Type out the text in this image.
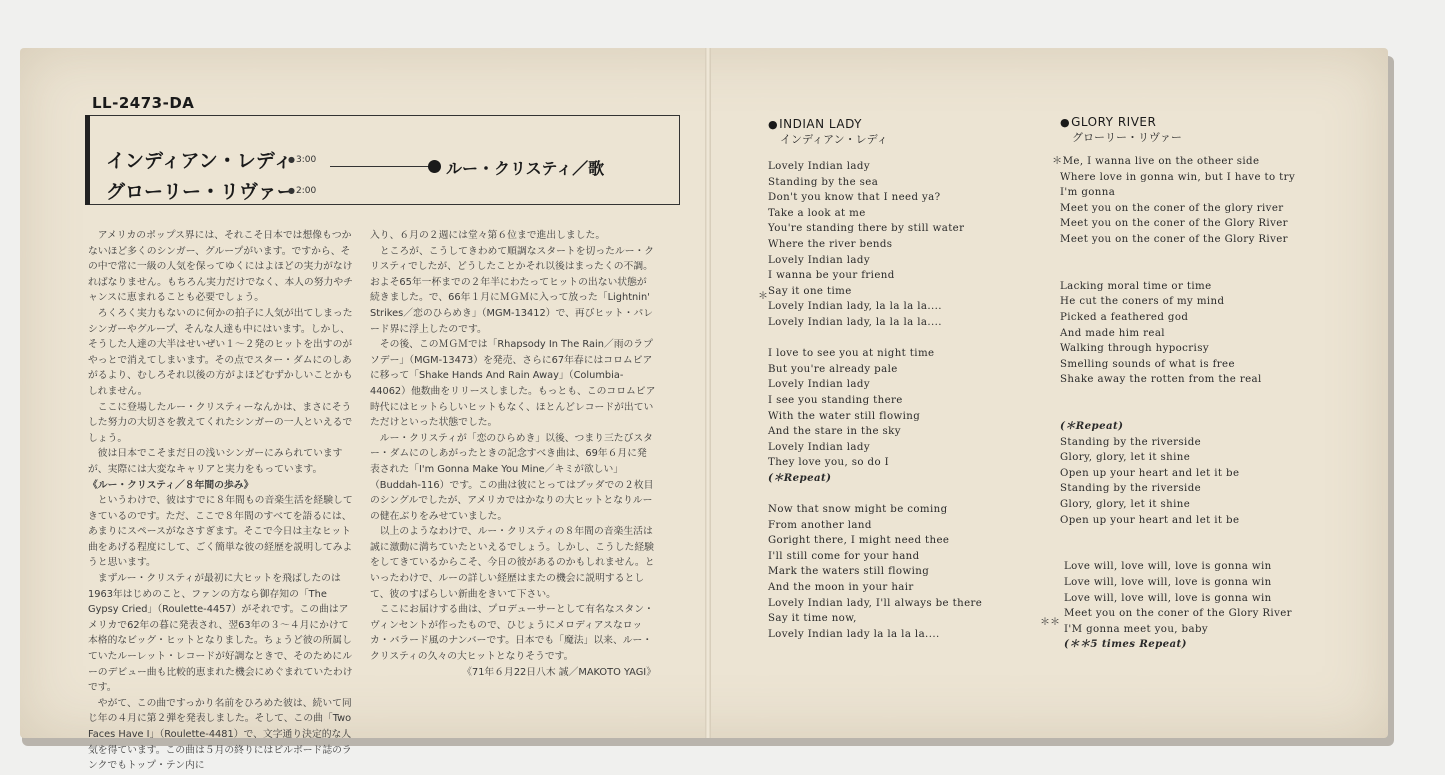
LL-2473-DA
インディアン・レディ ● 3:00
グローリー・リヴァー ● 2:00
ルー・クリスティ／歌

アメリカのポップス界には、それこそ日本では想像もつかないほど多くのシンガー、グループがいます。ですから、その中で常に一級の人気を保ってゆくにはよほどの実力がなければなりません。もちろん実力だけでなく、本人の努力やチャンスに恵まれることも必要でしょう。

ろくろく実力もないのに何かの拍子に人気が出てしまったシンガーやグループ、そんな人達も中にはいます。しかし、そうした人達の大半はせいぜい１～２発のヒットを出すのがやっとで消えてしまいます。その点でスター・ダムにのしあがるより、むしろそれ以後の方がよほどむずかしいことかもしれません。

ここに登場したルー・クリスティーなんかは、まさにそうした努力の大切さを教えてくれたシンガーの一人といえるでしょう。

彼は日本でこそまだ日の浅いシンガーにみられていますが、実際には大変なキャリアと実力をもっています。

《ルー・クリスティ／８年間の歩み》

というわけで、彼はすでに８年間もの音楽生活を経験してきているのです。ただ、ここで８年間のすべてを語るには、あまりにスペースがなさすぎます。そこで今日は主なヒット曲をあげる程度にして、ごく簡単な彼の経歴を説明してみようと思います。

まずルー・クリスティが最初に大ヒットを飛ばしたのは1963年はじめのこと、ファンの方なら御存知の「The Gypsy Cried」（Roulette-4457）がそれです。この曲はアメリカで62年の暮に発表され、翌63年の３～４月にかけて本格的なビッグ・ヒットとなりました。ちょうど彼の所属していたルーレット・レコードが好調なときで、そのためにルーのデビュー曲も比較的恵まれた機会にめぐまれていたわけです。

やがて、この曲ですっかり名前をひろめた彼は、続いて同じ年の４月に第２弾を発表しました。そして、この曲「Two Faces Have I」（Roulette-4481）で、文字通り決定的な人気を得ています。この曲は５月の終りにはビルボード誌のランクでもトップ・テン内に

入り、６月の２週には堂々第６位まで進出しました。

ところが、こうしてきわめて順調なスタートを切ったルー・クリスティでしたが、どうしたことかそれ以後はまったくの不調。およそ65年一杯までの２年半にわたってヒットの出ない状態が続きました。で、66年１月にＭＧＭに入って放った「Lightnin' Strikes／恋のひらめき」（MGM-13412）で、再びヒット・パレード界に浮上したのです。

その後、このＭＧＭでは「Rhapsody In The Rain／雨のラプソデー」（MGM-13473）を発売、さらに67年春にはコロムビアに移って「Shake Hands And Rain Away」（Columbia-44062）他数曲をリリースしました。もっとも、このコロムビア時代にはヒットらしいヒットもなく、ほとんどレコードが出ていただけといった状態でした。

ルー・クリスティが「恋のひらめき」以後、つまり三たびスター・ダムにのしあがったときの記念すべき曲は、69年６月に発表された「I'm Gonna Make You Mine／キミが欲しい」（Buddah-116）です。この曲は彼にとってはブッダでの２枚目のシングルでしたが、アメリカではかなりの大ヒットとなりルーの健在ぶりをみせていました。

以上のようなわけで、ルー・クリスティの８年間の音楽生活は誠に激動に満ちていたといえるでしょう。しかし、こうした経験をしてきているからこそ、今日の彼があるのかもしれません。といったわけで、ルーの詳しい経歴はまたの機会に説明するとして、彼のすばらしい新曲をきいて下さい。

ここにお届けする曲は、プロデューサーとして有名なスタン・ヴィンセントが作ったもので、ひじょうにメロディアスなロッカ・バラード風のナンバーです。日本でも「魔法」以来、ルー・クリスティの久々の大ヒットとなりそうです。

《71年６月22日八木 誠／MAKOTO YAGI》

● INDIAN LADY
インディアン・レディ
＊
Lovely Indian lady
Standing by the sea
Don't you know that I need ya?
Take a look at me
You're standing there by still water
Where the river bends
Lovely Indian lady
I wanna be your friend
Say it one time
Lovely Indian lady, la la la la....
Lovely Indian lady, la la la la....
I love to see you at night time
But you're already pale
Lovely Indian lady
I see you standing there
With the water still flowing
And the stare in the sky
Lovely Indian lady
They love you, so do I
(＊Repeat)
Now that snow might be coming
From another land
Goright there, I might need thee
I'll still come for your hand
Mark the waters still flowing
And the moon in your hair
Lovely Indian lady, I'll always be there
Say it time now,
Lovely Indian lady la la la la....
● GLORY RIVER
グローリー・リヴァー
＊＊
＊Me, I wanna live on the otheer side
Where love in gonna win, but I have to try
I'm gonna
Meet you on the coner of the glory river
Meet you on the coner of the Glory River
Meet you on the coner of the Glory River
Lacking moral time or time
He cut the coners of my mind
Picked a feathered god
And made him real
Walking through hypocrisy
Smelling sounds of what is free
Shake away the rotten from the real
(＊Repeat)
Standing by the riverside
Glory, glory, let it shine
Open up your heart and let it be
Standing by the riverside
Glory, glory, let it shine
Open up your heart and let it be
Love will, love will, love is gonna win
Love will, love will, love is gonna win
Love will, love will, love is gonna win
Meet you on the coner of the Glory River
I'M gonna meet you, baby
(＊＊5 times Repeat)
